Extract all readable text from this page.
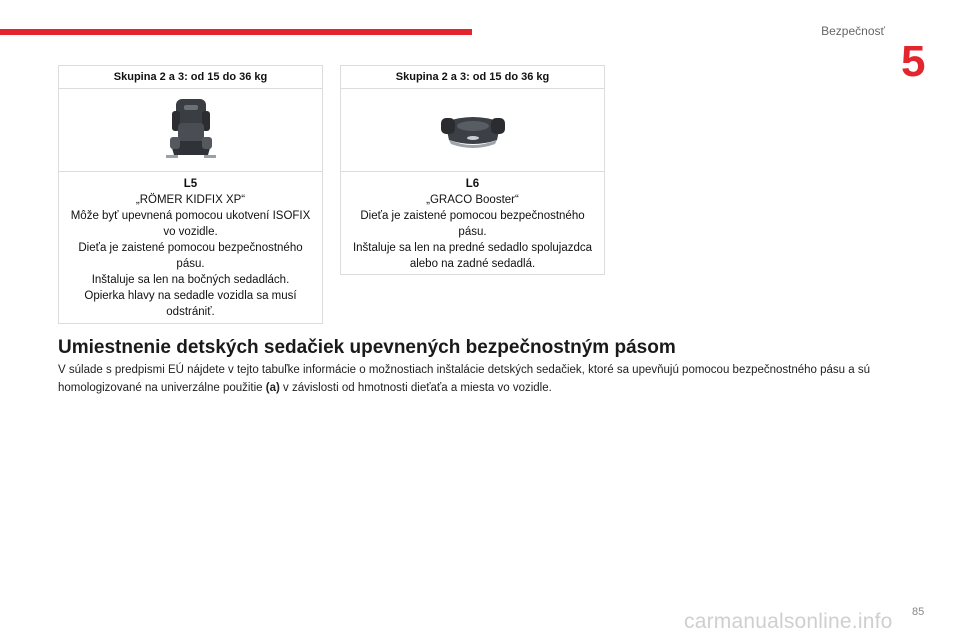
Bezpečnosť
5
Skupina 2 a 3: od 15 do 36 kg
L5
„RÖMER KIDFIX XP“
Môže byť upevnená pomocou ukotvení ISOFIX vo vozidle.
Dieťa je zaistené pomocou bezpečnostného pásu.
Inštaluje sa len na bočných sedadlách.
Opierka hlavy na sedadle vozidla sa musí odstrániť.
Skupina 2 a 3: od 15 do 36 kg
L6
„GRACO Booster“
Dieťa je zaistené pomocou bezpečnostného pásu.
Inštaluje sa len na predné sedadlo spolujazdca alebo na zadné sedadlá.
Umiestnenie detských sedačiek upevnených bezpečnostným pásom
V súlade s predpismi EÚ nájdete v tejto tabuľke informácie o možnostiach inštalácie detských sedačiek, ktoré sa upevňujú pomocou bezpečnostného pásu a sú homologizované na univerzálne použitie (a) v závislosti od hmotnosti dieťaťa a miesta vo vozidle.
85
carmanualsonline.info
